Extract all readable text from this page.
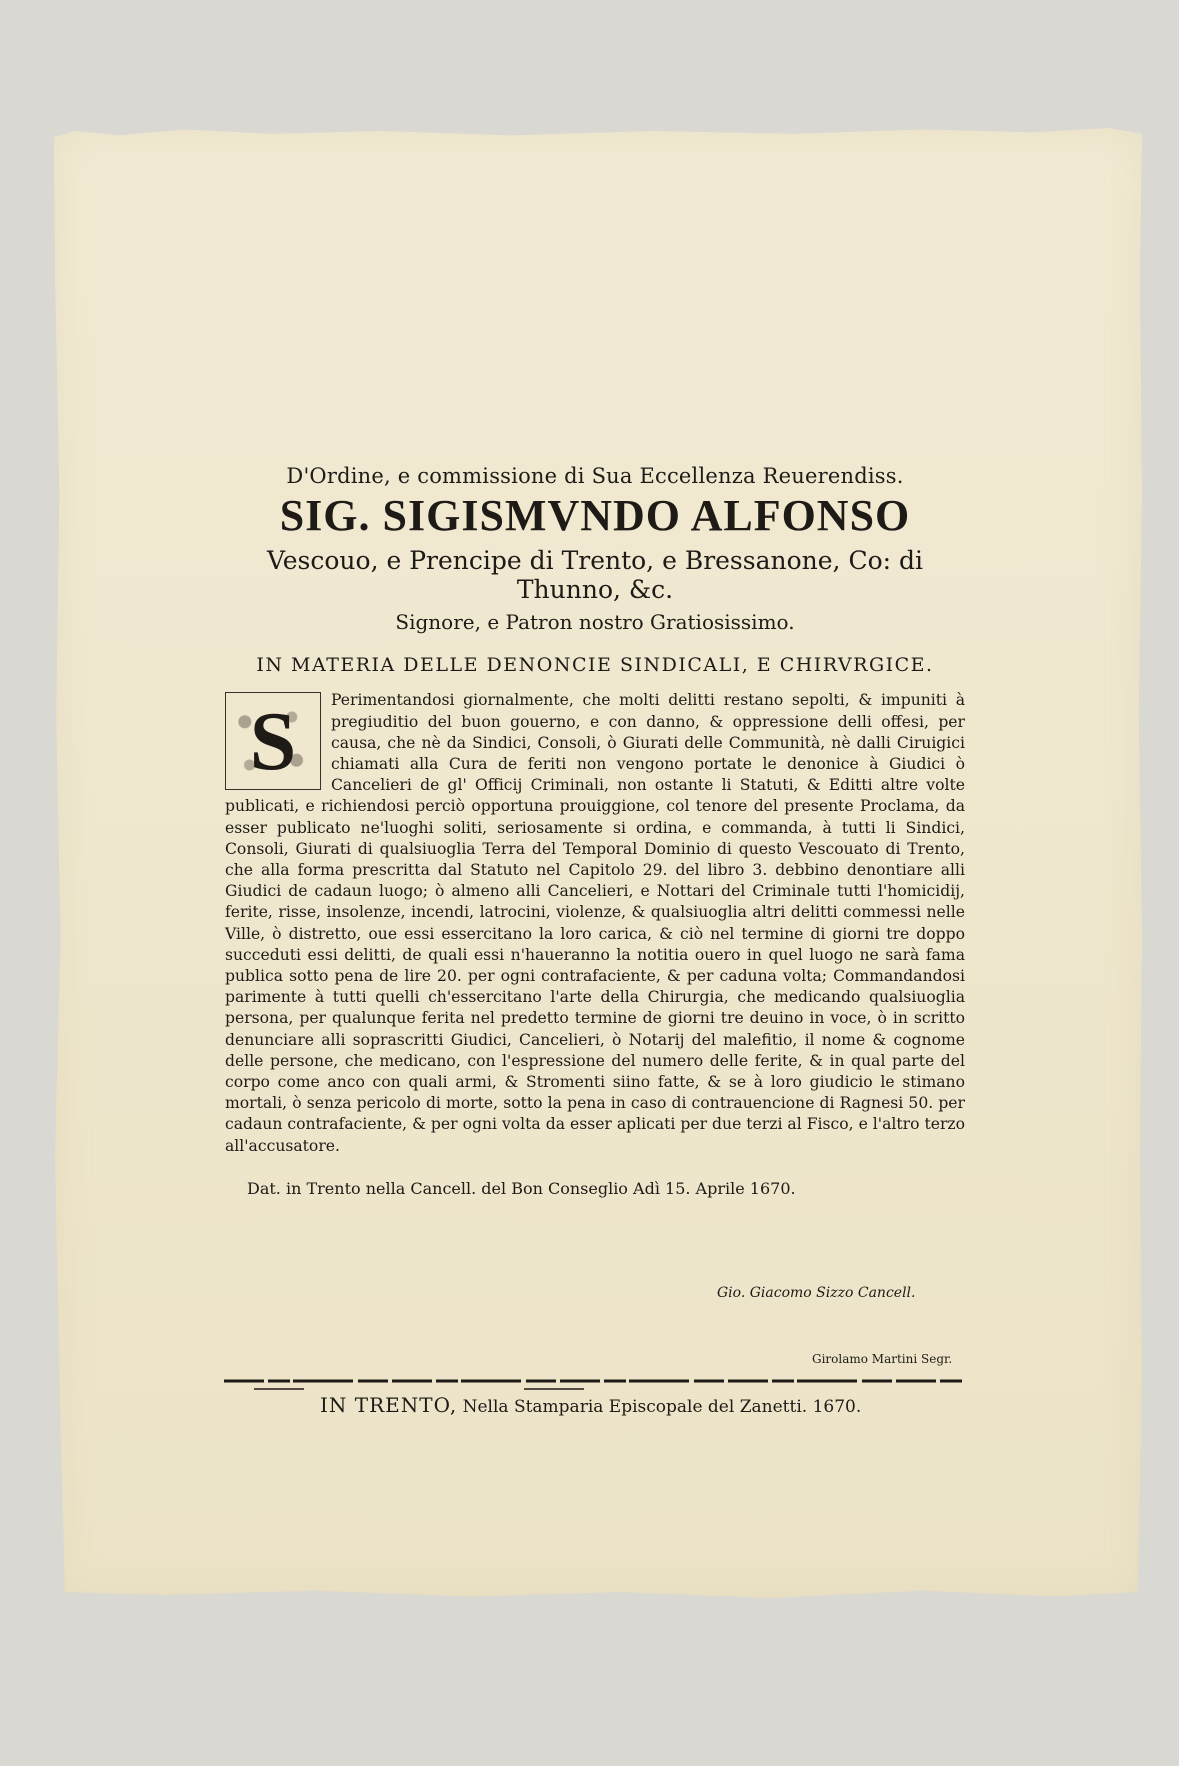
D'Ordine, e commissione di Sua Eccellenza Reuerendiss.
SIG. SIGISMVNDO ALFONSO
Vescouo, e Prencipe di Trento, e Bressanone, Co: di Thunno, &c.
Signore, e Patron nostro Gratiosissimo.
IN MATERIA DELLE DENONCIE SINDICALI, E CHIRVRGICE.
S	Perimentandosi giornalmente, che molti delitti restano sepolti, & impuniti à pregiuditio del buon gouerno, e con danno, & oppressione delli offesi, per causa, che nè da Sindici, Consoli, ò Giurati delle Communità, nè dalli Ciruigici chiamati alla Cura de feriti non vengono portate le denonice à Giudici ò Cancelieri de gl' Officij Criminali, non ostante li Statuti, & Editti altre volte publicati, e richiendosi perciò opportuna prouiggione, col tenore del presente Proclama, da esser publicato ne'luoghi soliti, seriosamente si ordina, e commanda, à tutti li Sindici, Consoli, Giurati di qualsiuoglia Terra del Temporal Dominio di questo Vescouato di Trento, che alla forma prescritta dal Statuto nel Capitolo 29. del libro 3. debbino denontiare alli Giudici de cadaun luogo; ò almeno alli Cancelieri, e Nottari del Criminale tutti l'homicidij, ferite, risse, insolenze, incendi, latrocini, violenze, & qualsiuoglia altri delitti commessi nelle Ville, ò distretto, oue essi essercitano la loro carica, & ciò nel termine di giorni tre doppo succeduti essi delitti, de quali essi n'haueranno la notitia ouero in quel luogo ne sarà fama publica sotto pena de lire 20. per ogni contrafaciente, & per caduna volta; Commandandosi parimente à tutti quelli ch'essercitano l'arte della Chirurgia, che medicando qualsiuoglia persona, per qualunque ferita nel predetto termine de giorni tre deuino in voce, ò in scritto denunciare alli soprascritti Giudici, Cancelieri, ò Notarij del malefitio, il nome & cognome delle persone, che medicano, con l'espressione del numero delle ferite, & in qual parte del corpo come anco con quali armi, & Stromenti siino fatte, & se à loro giudicio le stimano mortali, ò senza pericolo di morte, sotto la pena in caso di contrauencione di Ragnesi 50. per cadaun contrafaciente, & per ogni volta da esser aplicati per due terzi al Fisco, e l'altro terzo all'accusatore.

Dat. in Trento nella Cancell. del Bon Conseglio Adì 15. Aprile 1670.
Gio. Giacomo Sizzo Cancell.
Girolamo Martini Segr.
IN TRENTO, Nella Stamparia Episcopale del Zanetti. 1670.
